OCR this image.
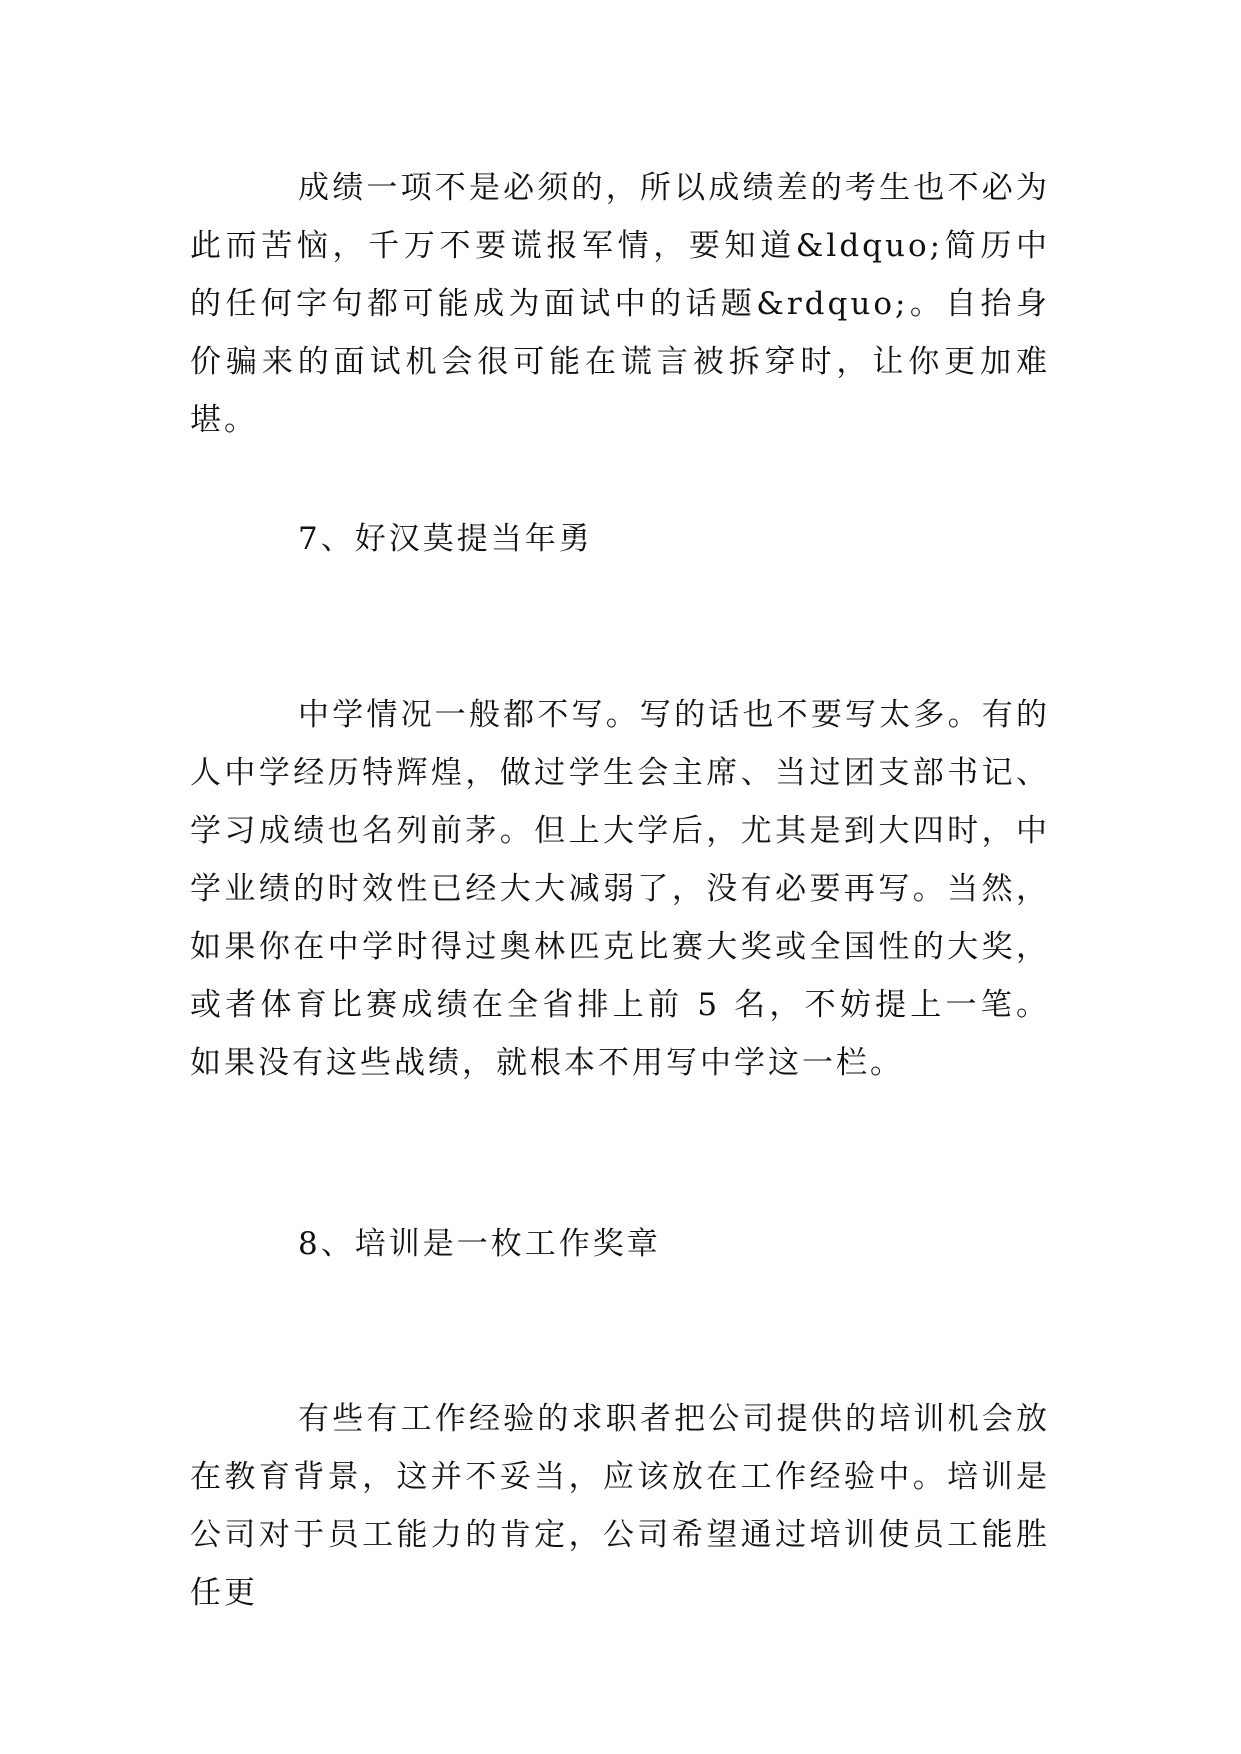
成绩一项不是必须的，所以成绩差的考生也不必为此而苦恼，千万不要谎报军情，要知道&ldquo;简历中的任何字句都可能成为面试中的话题&rdquo;。自抬身价骗来的面试机会很可能在谎言被拆穿时，让你更加难堪。

7、好汉莫提当年勇

中学情况一般都不写。写的话也不要写太多。有的人中学经历特辉煌，做过学生会主席、当过团支部书记、学习成绩也名列前茅。但上大学后，尤其是到大四时，中学业绩的时效性已经大大减弱了，没有必要再写。当然，如果你在中学时得过奥林匹克比赛大奖或全国性的大奖，或者体育比赛成绩在全省排上前 5 名，不妨提上一笔。如果没有这些战绩，就根本不用写中学这一栏。

8、培训是一枚工作奖章

有些有工作经验的求职者把公司提供的培训机会放在教育背景，这并不妥当，应该放在工作经验中。培训是公司对于员工能力的肯定，公司希望通过培训使员工能胜任更
